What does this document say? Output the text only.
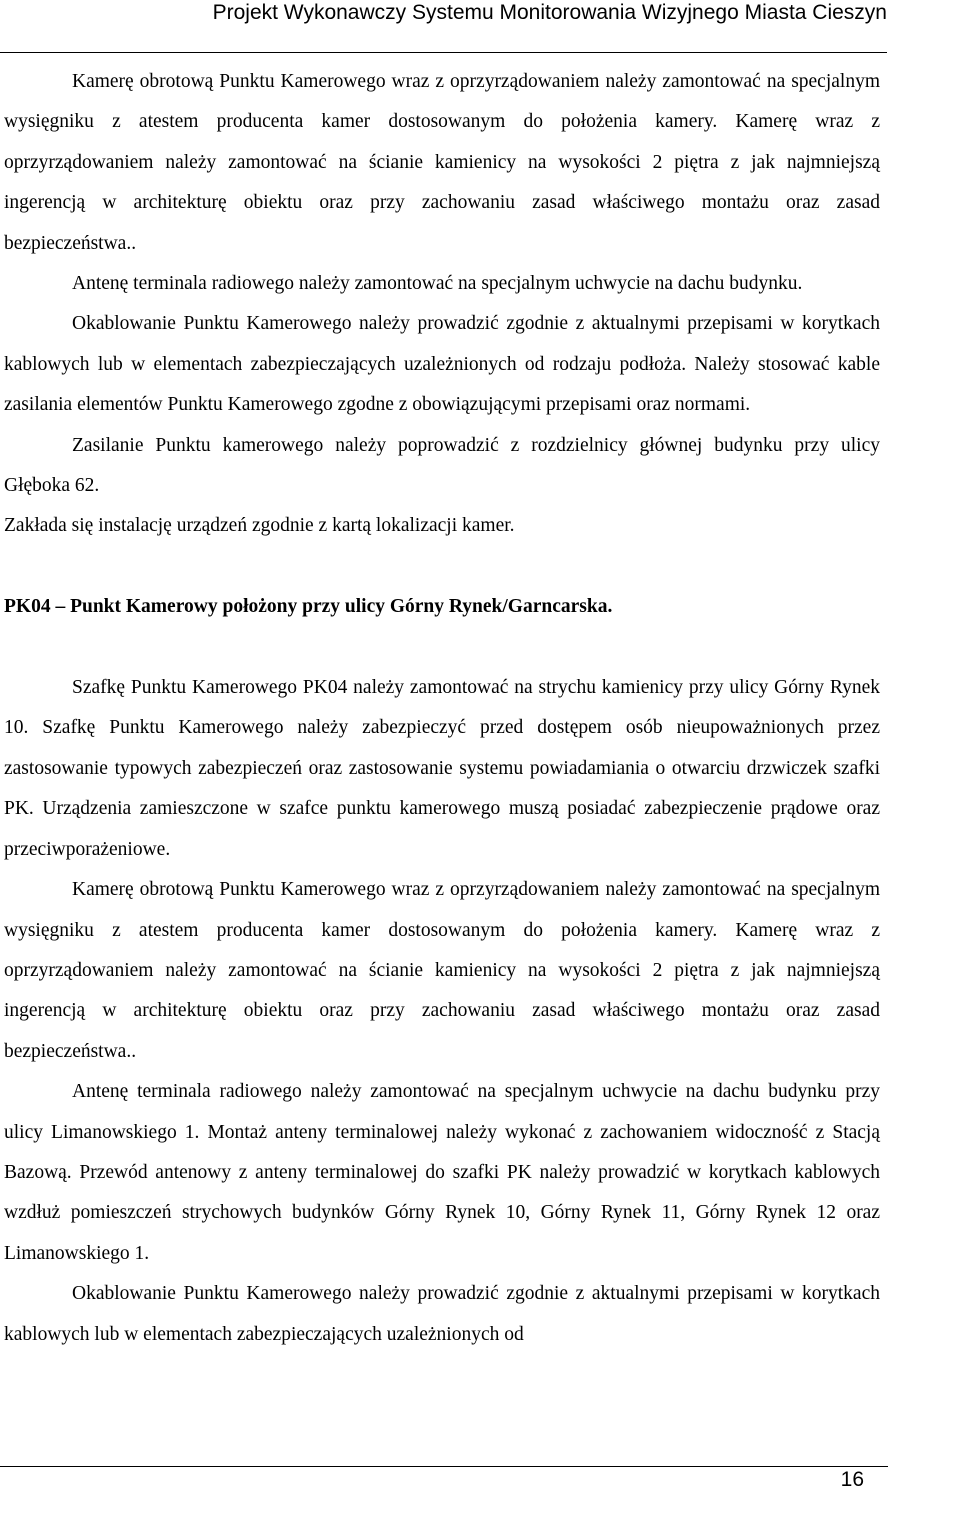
Projekt Wykonawczy Systemu Monitorowania Wizyjnego Miasta Cieszyn

Kamerę obrotową Punktu Kamerowego wraz z oprzyrządowaniem należy zamontować na specjalnym wysięgniku z atestem producenta kamer dostosowanym do położenia kamery. Kamerę wraz z oprzyrządowaniem należy zamontować na ścianie kamienicy na wysokości 2 piętra z jak najmniejszą ingerencją w architekturę obiektu oraz przy zachowaniu zasad właściwego montażu oraz zasad bezpieczeństwa..

Antenę terminala radiowego należy zamontować na specjalnym uchwycie na dachu budynku.

Okablowanie Punktu Kamerowego należy prowadzić zgodnie z aktualnymi przepisami w korytkach kablowych lub w elementach zabezpieczających uzależnionych od rodzaju podłoża. Należy stosować kable zasilania elementów Punktu Kamerowego zgodne z obowiązującymi przepisami oraz normami.

Zasilanie Punktu kamerowego należy poprowadzić z rozdzielnicy głównej budynku przy ulicy Głębokа 62.

Zakłada się instalację urządzeń zgodnie z kartą lokalizacji kamer.

PK04 – Punkt Kamerowy położony przy ulicy Górny Rynek/Garncarska.

Szafkę Punktu Kamerowego PK04 należy zamontować na strychu kamienicy przy ulicy Górny Rynek 10. Szafkę Punktu Kamerowego należy zabezpieczyć przed dostępem osób nieupoważnionych przez zastosowanie typowych zabezpieczeń oraz zastosowanie systemu powiadamiania o otwarciu drzwiczek szafki PK. Urządzenia zamieszczone w szafce punktu kamerowego muszą posiadać zabezpieczenie prądowe oraz przeciwporażeniowe.

Kamerę obrotową Punktu Kamerowego wraz z oprzyrządowaniem należy zamontować na specjalnym wysięgniku z atestem producenta kamer dostosowanym do położenia kamery. Kamerę wraz z oprzyrządowaniem należy zamontować na ścianie kamienicy na wysokości 2 piętra z jak najmniejszą ingerencją w architekturę obiektu oraz przy zachowaniu zasad właściwego montażu oraz zasad bezpieczeństwa..

Antenę terminala radiowego należy zamontować na specjalnym uchwycie na dachu budynku przy ulicy Limanowskiego 1. Montaż anteny terminalowej należy wykonać z zachowaniem widoczność z Stacją Bazową. Przewód antenowy z anteny terminalowej do szafki PK należy prowadzić w korytkach kablowych wzdłuż pomieszczeń strychowych budynków Górny Rynek 10, Górny Rynek 11, Górny Rynek 12 oraz Limanowskiego 1.

Okablowanie Punktu Kamerowego należy prowadzić zgodnie z aktualnymi przepisami w korytkach kablowych lub w elementach zabezpieczających uzależnionych od

16
